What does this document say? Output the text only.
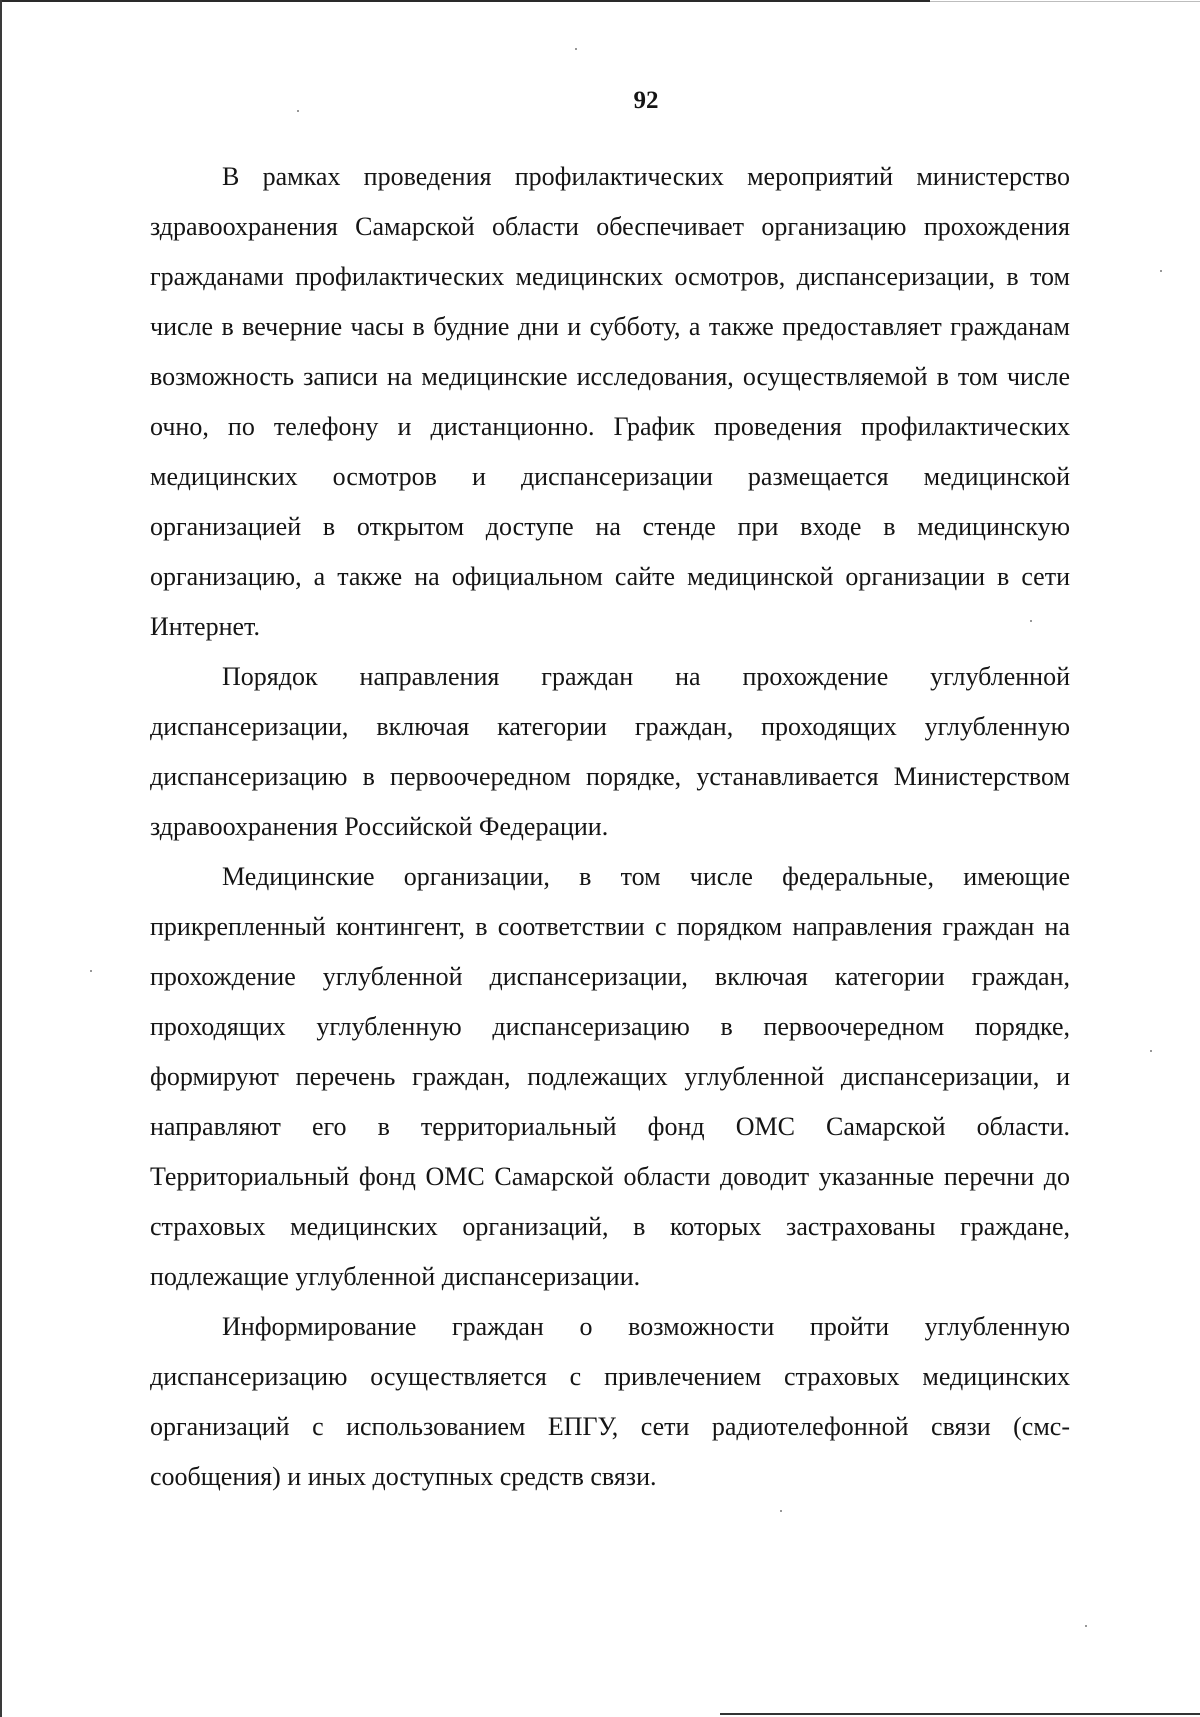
92

В рамках проведения профилактических мероприятий министерство здравоохранения Самарской области обеспечивает организацию прохождения гражданами профилактических медицинских осмотров, диспансеризации, в том числе в вечерние часы в будние дни и субботу, а также предоставляет гражданам возможность записи на медицинские исследования, осуществляемой в том числе очно, по телефону и дистанционно. График проведения профилактических медицинских осмотров и диспансеризации размещается медицинской организацией в открытом доступе на стенде при входе в медицинскую организацию, а также на официальном сайте медицинской организации в сети Интернет.

Порядок направления граждан на прохождение углубленной диспансеризации, включая категории граждан, проходящих углубленную диспансеризацию в первоочередном порядке, устанавливается Министерством здравоохранения Российской Федерации.

Медицинские организации, в том числе федеральные, имеющие прикрепленный контингент, в соответствии с порядком направления граждан на прохождение углубленной диспансеризации, включая категории граждан, проходящих углубленную диспансеризацию в первоочередном порядке, формируют перечень граждан, подлежащих углубленной диспансеризации, и направляют его в территориальный фонд ОМС Самарской области. Территориальный фонд ОМС Самарской области доводит указанные перечни до страховых медицинских организаций, в которых застрахованы граждане, подлежащие углубленной диспансеризации.

Информирование граждан о возможности пройти углубленную диспансеризацию осуществляется с привлечением страховых медицинских организаций с использованием ЕПГУ, сети радиотелефонной связи (смс-сообщения) и иных доступных средств связи.
